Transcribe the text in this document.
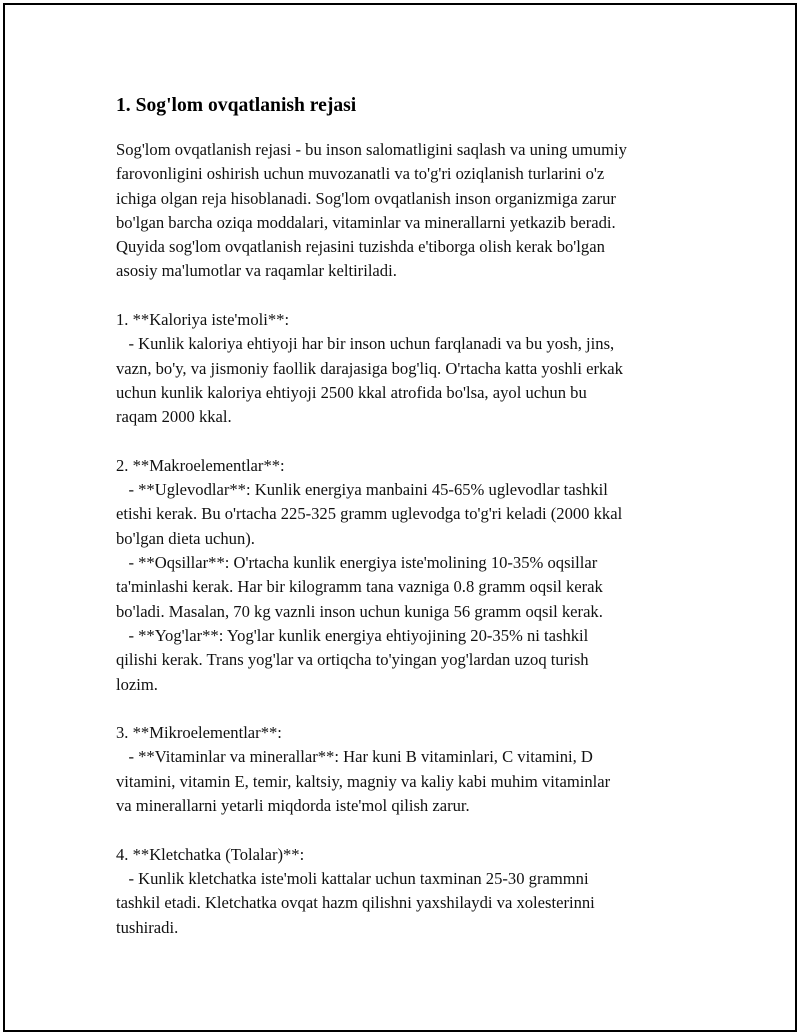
1. Sog'lom ovqatlanish rejasi
Sog'lom ovqatlanish rejasi - bu inson salomatligini saqlash va uning umumiy
farovonligini oshirish uchun muvozanatli va to'g'ri oziqlanish turlarini o'z
ichiga olgan reja hisoblanadi. Sog'lom ovqatlanish inson organizmiga zarur
bo'lgan barcha oziqa moddalari, vitaminlar va minerallarni yetkazib beradi.
Quyida sog'lom ovqatlanish rejasini tuzishda e'tiborga olish kerak bo'lgan
asosiy ma'lumotlar va raqamlar keltiriladi.

1. **Kaloriya iste'moli**:
- Kunlik kaloriya ehtiyoji har bir inson uchun farqlanadi va bu yosh, jins,
vazn, bo'y, va jismoniy faollik darajasiga bog'liq. O'rtacha katta yoshli erkak
uchun kunlik kaloriya ehtiyoji 2500 kkal atrofida bo'lsa, ayol uchun bu
raqam 2000 kkal.

2. **Makroelementlar**:
- **Uglevodlar**: Kunlik energiya manbaini 45-65% uglevodlar tashkil
etishi kerak. Bu o'rtacha 225-325 gramm uglevodga to'g'ri keladi (2000 kkal
bo'lgan dieta uchun).
- **Oqsillar**: O'rtacha kunlik energiya iste'molining 10-35% oqsillar
ta'minlashi kerak. Har bir kilogramm tana vazniga 0.8 gramm oqsil kerak
bo'ladi. Masalan, 70 kg vaznli inson uchun kuniga 56 gramm oqsil kerak.
- **Yog'lar**: Yog'lar kunlik energiya ehtiyojining 20-35% ni tashkil
qilishi kerak. Trans yog'lar va ortiqcha to'yingan yog'lardan uzoq turish
lozim.

3. **Mikroelementlar**:
- **Vitaminlar va minerallar**: Har kuni B vitaminlari, C vitamini, D
vitamini, vitamin E, temir, kaltsiy, magniy va kaliy kabi muhim vitaminlar
va minerallarni yetarli miqdorda iste'mol qilish zarur.

4. **Kletchatka (Tolalar)**:
- Kunlik kletchatka iste'moli kattalar uchun taxminan 25-30 grammni
tashkil etadi. Kletchatka ovqat hazm qilishni yaxshilaydi va xolesterinni
tushiradi.
